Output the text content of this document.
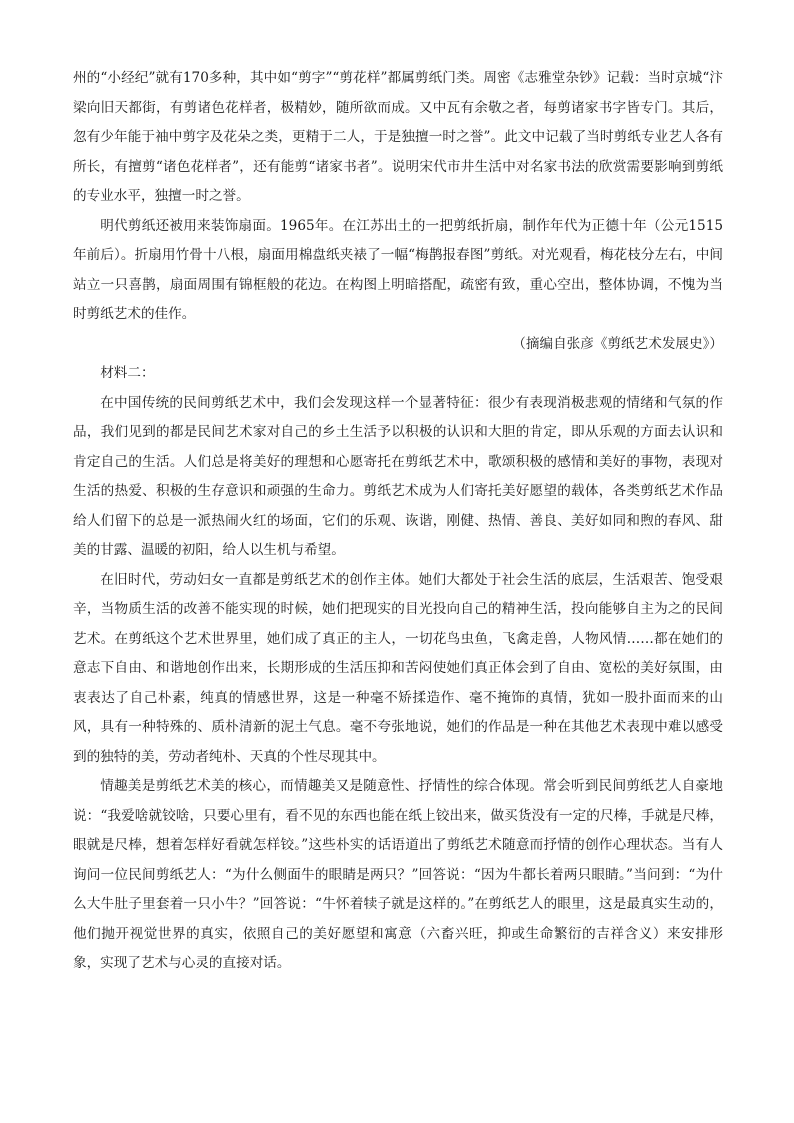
州的“小经纪”就有170多种，其中如“剪字”“剪花样”都属剪纸门类。周密《志雅堂杂钞》记载：当时京城“汴梁向旧天都街，有剪诸色花样者，极精妙，随所欲而成。又中瓦有余敬之者，每剪诸家书字皆专门。其后，忽有少年能于袖中剪字及花朵之类，更精于二人，于是独擅一时之誉”。此文中记载了当时剪纸专业艺人各有所长，有擅剪“诸色花样者”，还有能剪“诸家书者”。说明宋代市井生活中对名家书法的欣赏需要影响到剪纸的专业水平，独擅一时之誉。

明代剪纸还被用来装饰扇面。1965年。在江苏出土的一把剪纸折扇，制作年代为正德十年（公元1515年前后）。折扇用竹骨十八根，扇面用棉盘纸夹裱了一幅“梅鹊报春图”剪纸。对光观看，梅花枝分左右，中间站立一只喜鹊，扇面周围有锦框般的花边。在构图上明暗搭配，疏密有致，重心空出，整体协调，不愧为当时剪纸艺术的佳作。

（摘编自张彦《剪纸艺术发展史》）

材料二：

在中国传统的民间剪纸艺术中，我们会发现这样一个显著特征：很少有表现消极悲观的情绪和气氛的作品，我们见到的都是民间艺术家对自己的乡土生活予以积极的认识和大胆的肯定，即从乐观的方面去认识和肯定自己的生活。人们总是将美好的理想和心愿寄托在剪纸艺术中，歌颂积极的感情和美好的事物，表现对生活的热爱、积极的生存意识和顽强的生命力。剪纸艺术成为人们寄托美好愿望的载体，各类剪纸艺术作品给人们留下的总是一派热闹火红的场面，它们的乐观、诙谐，刚健、热情、善良、美好如同和煦的春风、甜美的甘露、温暖的初阳，给人以生机与希望。

在旧时代，劳动妇女一直都是剪纸艺术的创作主体。她们大都处于社会生活的底层，生活艰苦、饱受艰辛，当物质生活的改善不能实现的时候，她们把现实的目光投向自己的精神生活，投向能够自主为之的民间艺术。在剪纸这个艺术世界里，她们成了真正的主人，一切花鸟虫鱼，飞禽走兽，人物风情……都在她们的意志下自由、和谐地创作出来，长期形成的生活压抑和苦闷使她们真正体会到了自由、宽松的美好氛围，由衷表达了自己朴素，纯真的情感世界，这是一种毫不矫揉造作、毫不掩饰的真情，犹如一股扑面而来的山风，具有一种特殊的、质朴清新的泥土气息。毫不夸张地说，她们的作品是一种在其他艺术表现中难以感受到的独特的美，劳动者纯朴、天真的个性尽现其中。

情趣美是剪纸艺术美的核心，而情趣美又是随意性、抒情性的综合体现。常会听到民间剪纸艺人自豪地说：“我爱啥就铰啥，只要心里有，看不见的东西也能在纸上铰出来，做买货没有一定的尺棒，手就是尺棒，眼就是尺棒，想着怎样好看就怎样铰。”这些朴实的话语道出了剪纸艺术随意而抒情的创作心理状态。当有人询问一位民间剪纸艺人：“为什么侧面牛的眼睛是两只？”回答说：“因为牛都长着两只眼睛。”当问到：“为什么大牛肚子里套着一只小牛？”回答说：“牛怀着犊子就是这样的。”在剪纸艺人的眼里，这是最真实生动的，他们抛开视觉世界的真实，依照自己的美好愿望和寓意（六畜兴旺，抑或生命繁衍的吉祥含义）来安排形象，实现了艺术与心灵的直接对话。
